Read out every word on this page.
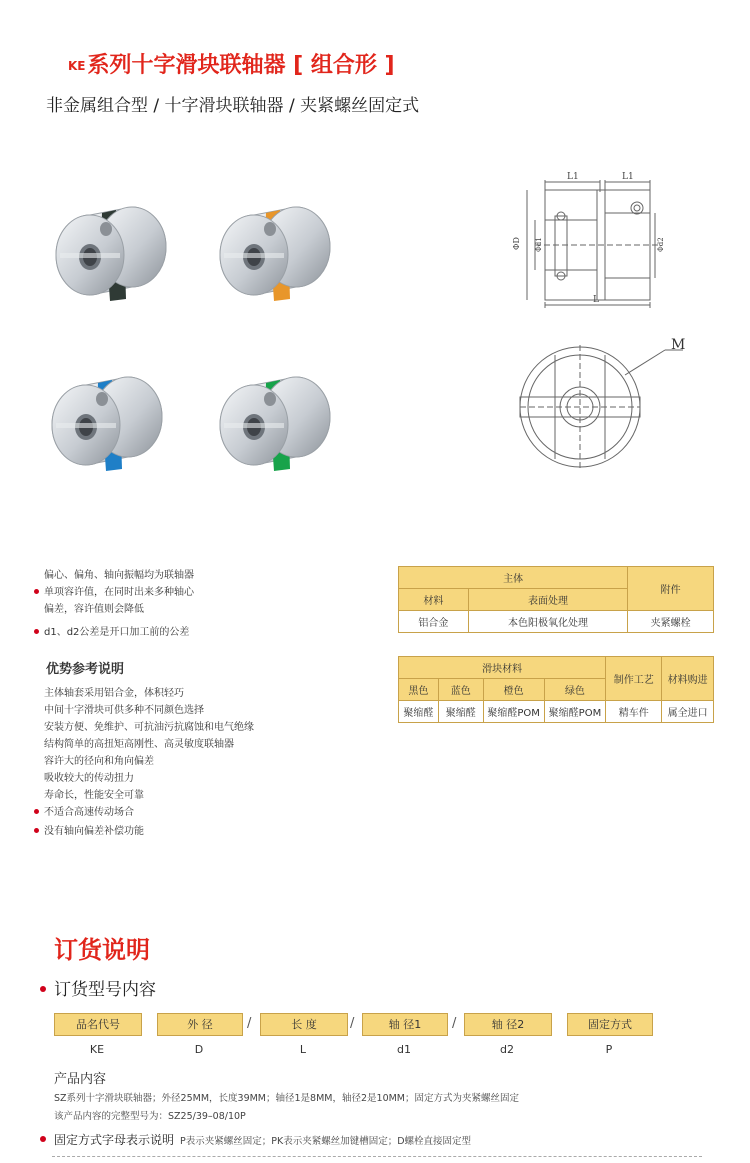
KE系列十字滑块联轴器 [ 组合形 ]
非金属组合型 / 十字滑块联轴器 / 夹紧螺丝固定式
L1	L1
ΦD Φd1	Φd2
L
M
偏心、偏角、轴向振幅均为联轴器
单项容许值，在同时出来多种轴心
偏差，容许值则会降低
d1、d2公差是开口加工前的公差
主体		附件
材料	表面处理	
铝合金	本色阳极氧化处理	夹紧螺栓
滑块材料				制作工艺	材料购进
黑色	蓝色	橙色	绿色		
聚缩醛	聚缩醛	聚缩醛POM	聚缩醛POM	精车件	属全进口
优势参考说明
主体轴套采用铝合金，体积轻巧
中间十字滑块可供多种不同颜色选择
安装方便、免维护、可抗油污抗腐蚀和电气绝缘
结构简单的高扭矩高刚性、高灵敏度联轴器
容许大的径向和角向偏差
吸收较大的传动扭力
寿命长，性能安全可靠
不适合高速传动场合
没有轴向偏差补偿功能
订货说明
订货型号内容
品名代号	外 径	/	长 度	/	轴 径1	/	轴 径2	固定方式
KE	D	L	d1	d2	P
产品内容
SZ系列十字滑块联轴器；外径25MM，长度39MM；轴径1是8MM，轴径2是10MM；固定方式为夹紧螺丝固定
该产品内容的完整型号为：SZ25/39–08/10P
固定方式字母表示说明 P表示夹紧螺丝固定；PK表示夹紧螺丝加键槽固定；D螺栓直接固定型
